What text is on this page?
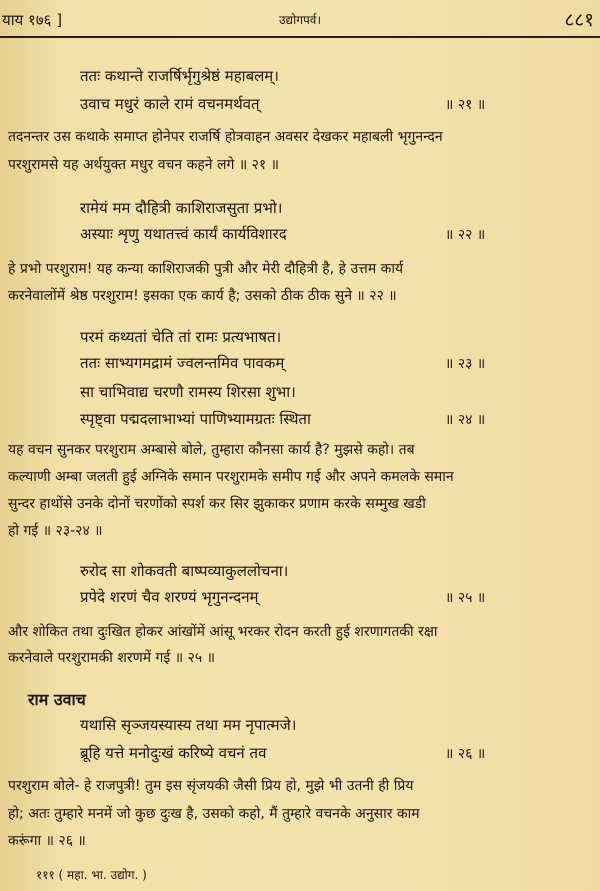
याय १७६ ]	उद्योगपर्व।	८८१
ततः कथान्ते राजर्षिर्भृगुश्रेष्ठं महाबलम्।
उवाच मधुरं काले रामं वचनमर्थवत्	॥ २१ ॥
तदनन्तर उस कथाके समाप्त होनेपर राजर्षि होत्रवाहन अवसर देखकर महाबली भृगुनन्दन
परशुरामसे यह अर्थयुक्त मधुर वचन कहने लगे ॥ २१ ॥
रामेयं मम दौहित्री काशिराजसुता प्रभो।
अस्याः शृणु यथातत्त्वं कार्यं कार्यविशारद	॥ २२ ॥
हे प्रभो परशुराम! यह कन्या काशिराजकी पुत्री और मेरी दौहित्री है, हे उत्तम कार्य
करनेवालोंमें श्रेष्ठ परशुराम! इसका एक कार्य है; उसको ठीक ठीक सुने ॥ २२ ॥
परमं कथ्यतां चेति तां रामः प्रत्यभाषत।
ततः साभ्यगमद्रामं ज्वलन्तमिव पावकम्	॥ २३ ॥
सा चाभिवाद्य चरणौ रामस्य शिरसा शुभा।
स्पृष्ट्वा पद्मदलाभाभ्यां पाणिभ्यामग्रतः स्थिता	॥ २४ ॥
यह वचन सुनकर परशुराम अम्बासे बोले, तुम्हारा कौनसा कार्य है? मुझसे कहो। तब
कल्याणी अम्बा जलती हुई अग्निके समान परशुरामके समीप गई और अपने कमलके समान
सुन्दर हाथोंसे उनके दोनों चरणोंको स्पर्श कर सिर झुकाकर प्रणाम करके सम्मुख खडी
हो गई ॥ २३-२४ ॥
रुरोद सा शोकवती बाष्पव्याकुललोचना।
प्रपेदे शरणं चैव शरण्यं भृगुनन्दनम्	॥ २५ ॥
और शोकित तथा दुःखित होकर आंखोंमें आंसू भरकर रोदन करती हुई शरणागतकी रक्षा
करनेवाले परशुरामकी शरणमें गई ॥ २५ ॥
राम उवाच
यथासि सृञ्जयस्यास्य तथा मम नृपात्मजे।
ब्रूहि यत्ते मनोदुःखं करिष्ये वचनं तव	॥ २६ ॥
परशुराम बोले- हे राजपुत्री! तुम इस सृंजयकी जैसी प्रिय हो, मुझे भी उतनी ही प्रिय
हो; अतः तुम्हारे मनमें जो कुछ दुःख है, उसको कहो, मैं तुम्हारे वचनके अनुसार काम
करूंगा ॥ २६ ॥
१११ ( महा. भा. उद्योग. )
